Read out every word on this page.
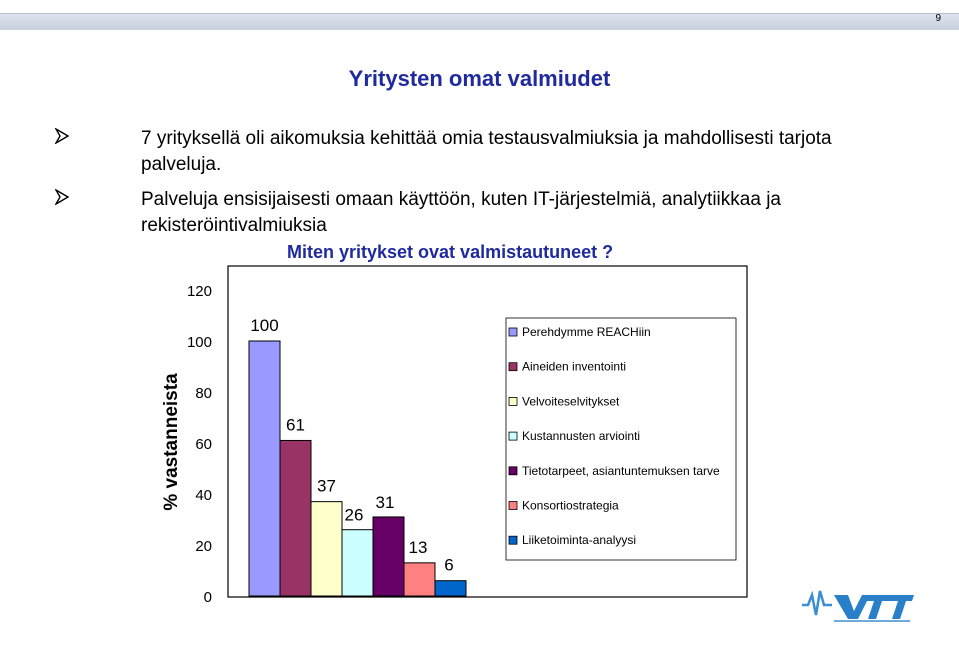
9
Yritysten omat valmiudet
7 yrityksellä oli aikomuksia kehittää omia testausvalmiuksia ja mahdollisesti tarjota palveluja.
Palveluja ensisijaisesti omaan käyttöön, kuten IT-järjestelmiä, analytiikkaa ja rekisteröintivalmiuksia
Miten yritykset ovat valmistautuneet ?
0
20
40
60
80
100
120
% vastanneista
100
61
37
26
31
13
6
Perehdymme REACHiin
Aineiden inventointi
Velvoiteselvitykset
Kustannusten arviointi
Tietotarpeet, asiantuntemuksen tarve
Konsortiostrategia
Liiketoiminta-analyysi
